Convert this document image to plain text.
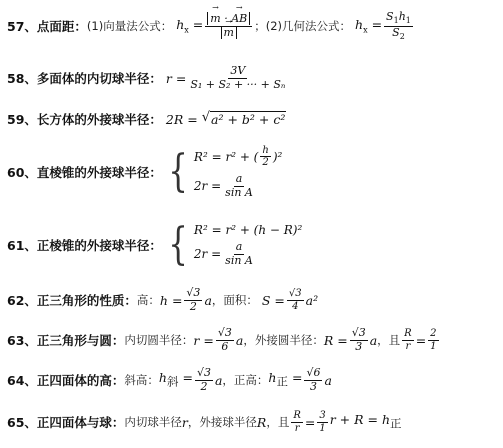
57、 点面距： (1)向量法公式： $h_x$ = → m · → AB
→ m ；(2)几何法公式： $h_x = \frac{S_1h_1}{S_2}$
58、 多面体的内切球半径： $r = \frac{3V}{\text{S₁ + S₂ + ··· + Sₙ}}$
59、 长方体的外接球半径： 2R = √ a² + b² + c²
60、 直棱锥的外接球半径： { R² = r² + ( $\frac{h}{2} )^2$
$2r = \frac{a}{\text{sin A}}$
61、 正棱锥的外接球半径： { R² = r² + (h − R)²
$2r = \frac{a}{\text{sin A}}$
62、 正三角形的性质： 高： $h = \frac{√3}{2}$ a ，面积： $S = \frac{√3}{4} a^2$
63、 正三角形与圆： 内切圆半径： $r = \frac{√3}{6}$ a ，外接圆半径： $R = \frac{√3}{3}$ a ，且 $\frac{R}{r} = \frac{2}{1}$
64、 正四面体的高： 斜高： $h_斜 = \frac{√3}{2}$ a ，正高： $h_正 = \frac{√6}{3}$ a
65、 正四面体与球： 内切球半径 r ，外接球半径 R ，且 $\frac{R}{r} = \frac{3}{1}$ $r + R = h_正$
